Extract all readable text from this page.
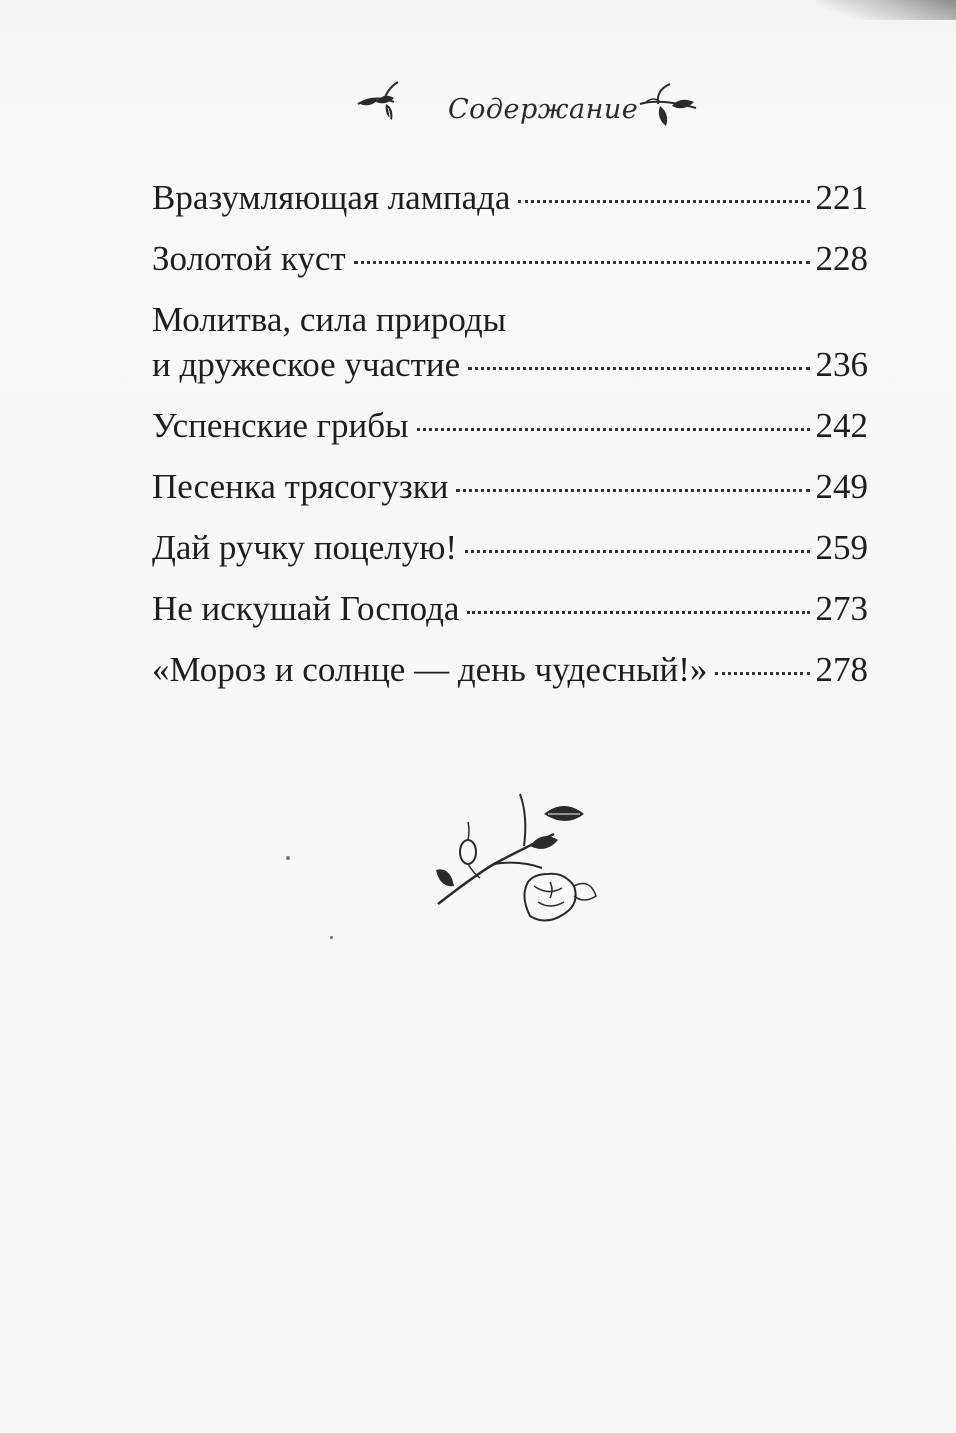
Содержание
Вразумляющая лампада	221
Золотой куст	228
Молитва, сила природы
и дружеское участие	236
Успенские грибы	242
Песенка трясогузки	249
Дай ручку поцелую!	259
Не искушай Господа	273
«Мороз и солнце — день чудесный!»	278
